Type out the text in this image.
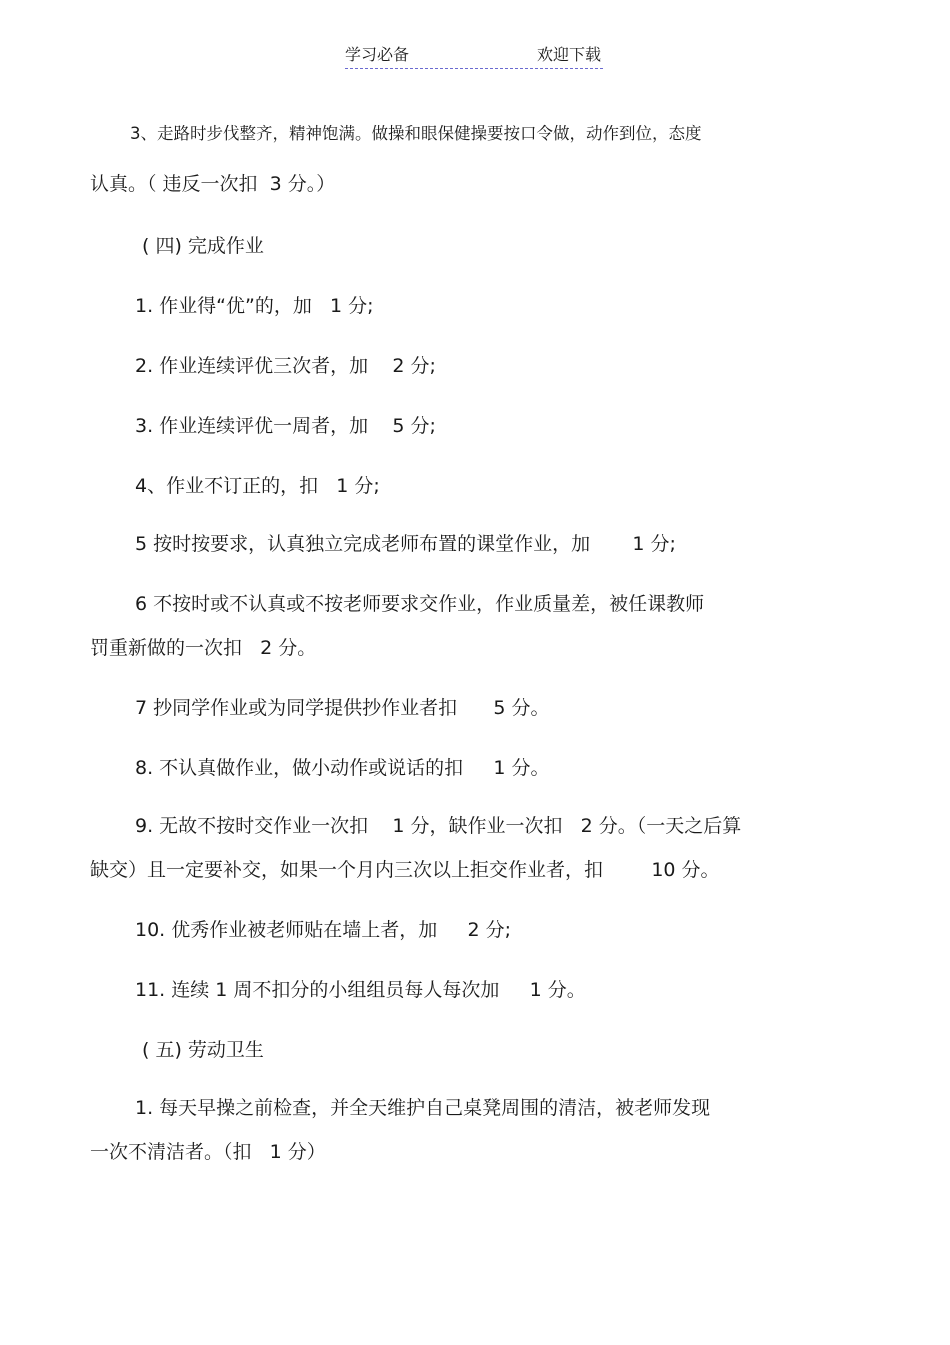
学习必备	欢迎下载
3、走路时步伐整齐，精神饱满。做操和眼保健操要按口令做，动作到位，态度
认真。（ 违反一次扣  3 分。）
( 四) 完成作业
1. 作业得“优”的，加   1 分;
2. 作业连续评优三次者，加    2 分;
3. 作业连续评优一周者，加    5 分;
4、作业不订正的，扣   1 分;
5 按时按要求，认真独立完成老师布置的课堂作业，加       1 分;
6 不按时或不认真或不按老师要求交作业，作业质量差，被任课教师
罚重新做的一次扣   2 分。
7 抄同学作业或为同学提供抄作业者扣      5 分。
8. 不认真做作业，做小动作或说话的扣     1 分。
9. 无故不按时交作业一次扣    1 分，缺作业一次扣   2 分。（一天之后算
缺交）且一定要补交，如果一个月内三次以上拒交作业者，扣        10 分。
10. 优秀作业被老师贴在墙上者，加     2 分;
11. 连续 1 周不扣分的小组组员每人每次加     1 分。
( 五) 劳动卫生
1. 每天早操之前检查，并全天维护自己桌凳周围的清洁，被老师发现
一次不清洁者。（扣   1 分）
